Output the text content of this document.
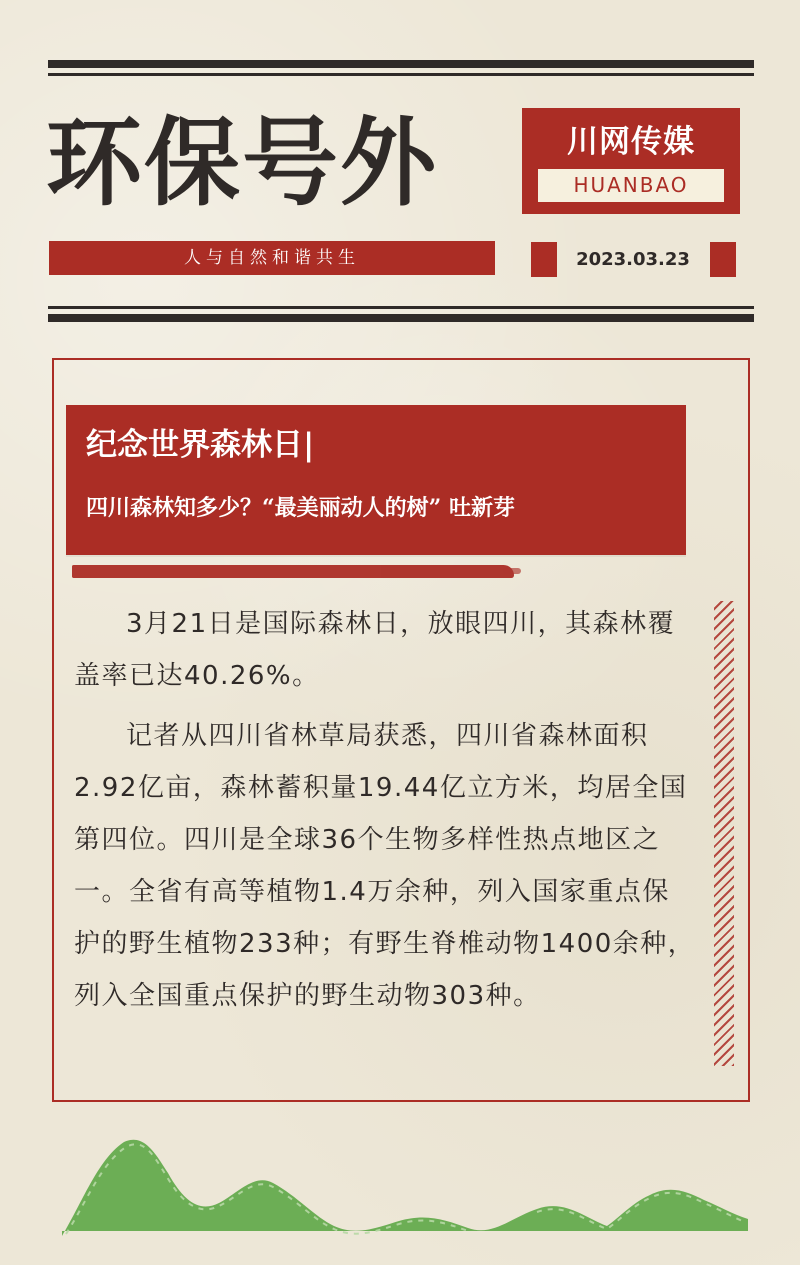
环保号外	川网传媒
HUANBAO
人与自然和谐共生	2023.03.23
纪念世界森林日|
四川森林知多少？“最美丽动人的树” 吐新芽

3月21日是国际森林日，放眼四川，其森林覆盖率已达40.26%。

记者从四川省林草局获悉，四川省森林面积2.92亿亩，森林蓄积量19.44亿立方米，均居全国第四位。四川是全球36个生物多样性热点地区之一。全省有高等植物1.4万余种，列入国家重点保护的野生植物233种；有野生脊椎动物1400余种，列入全国重点保护的野生动物303种。
